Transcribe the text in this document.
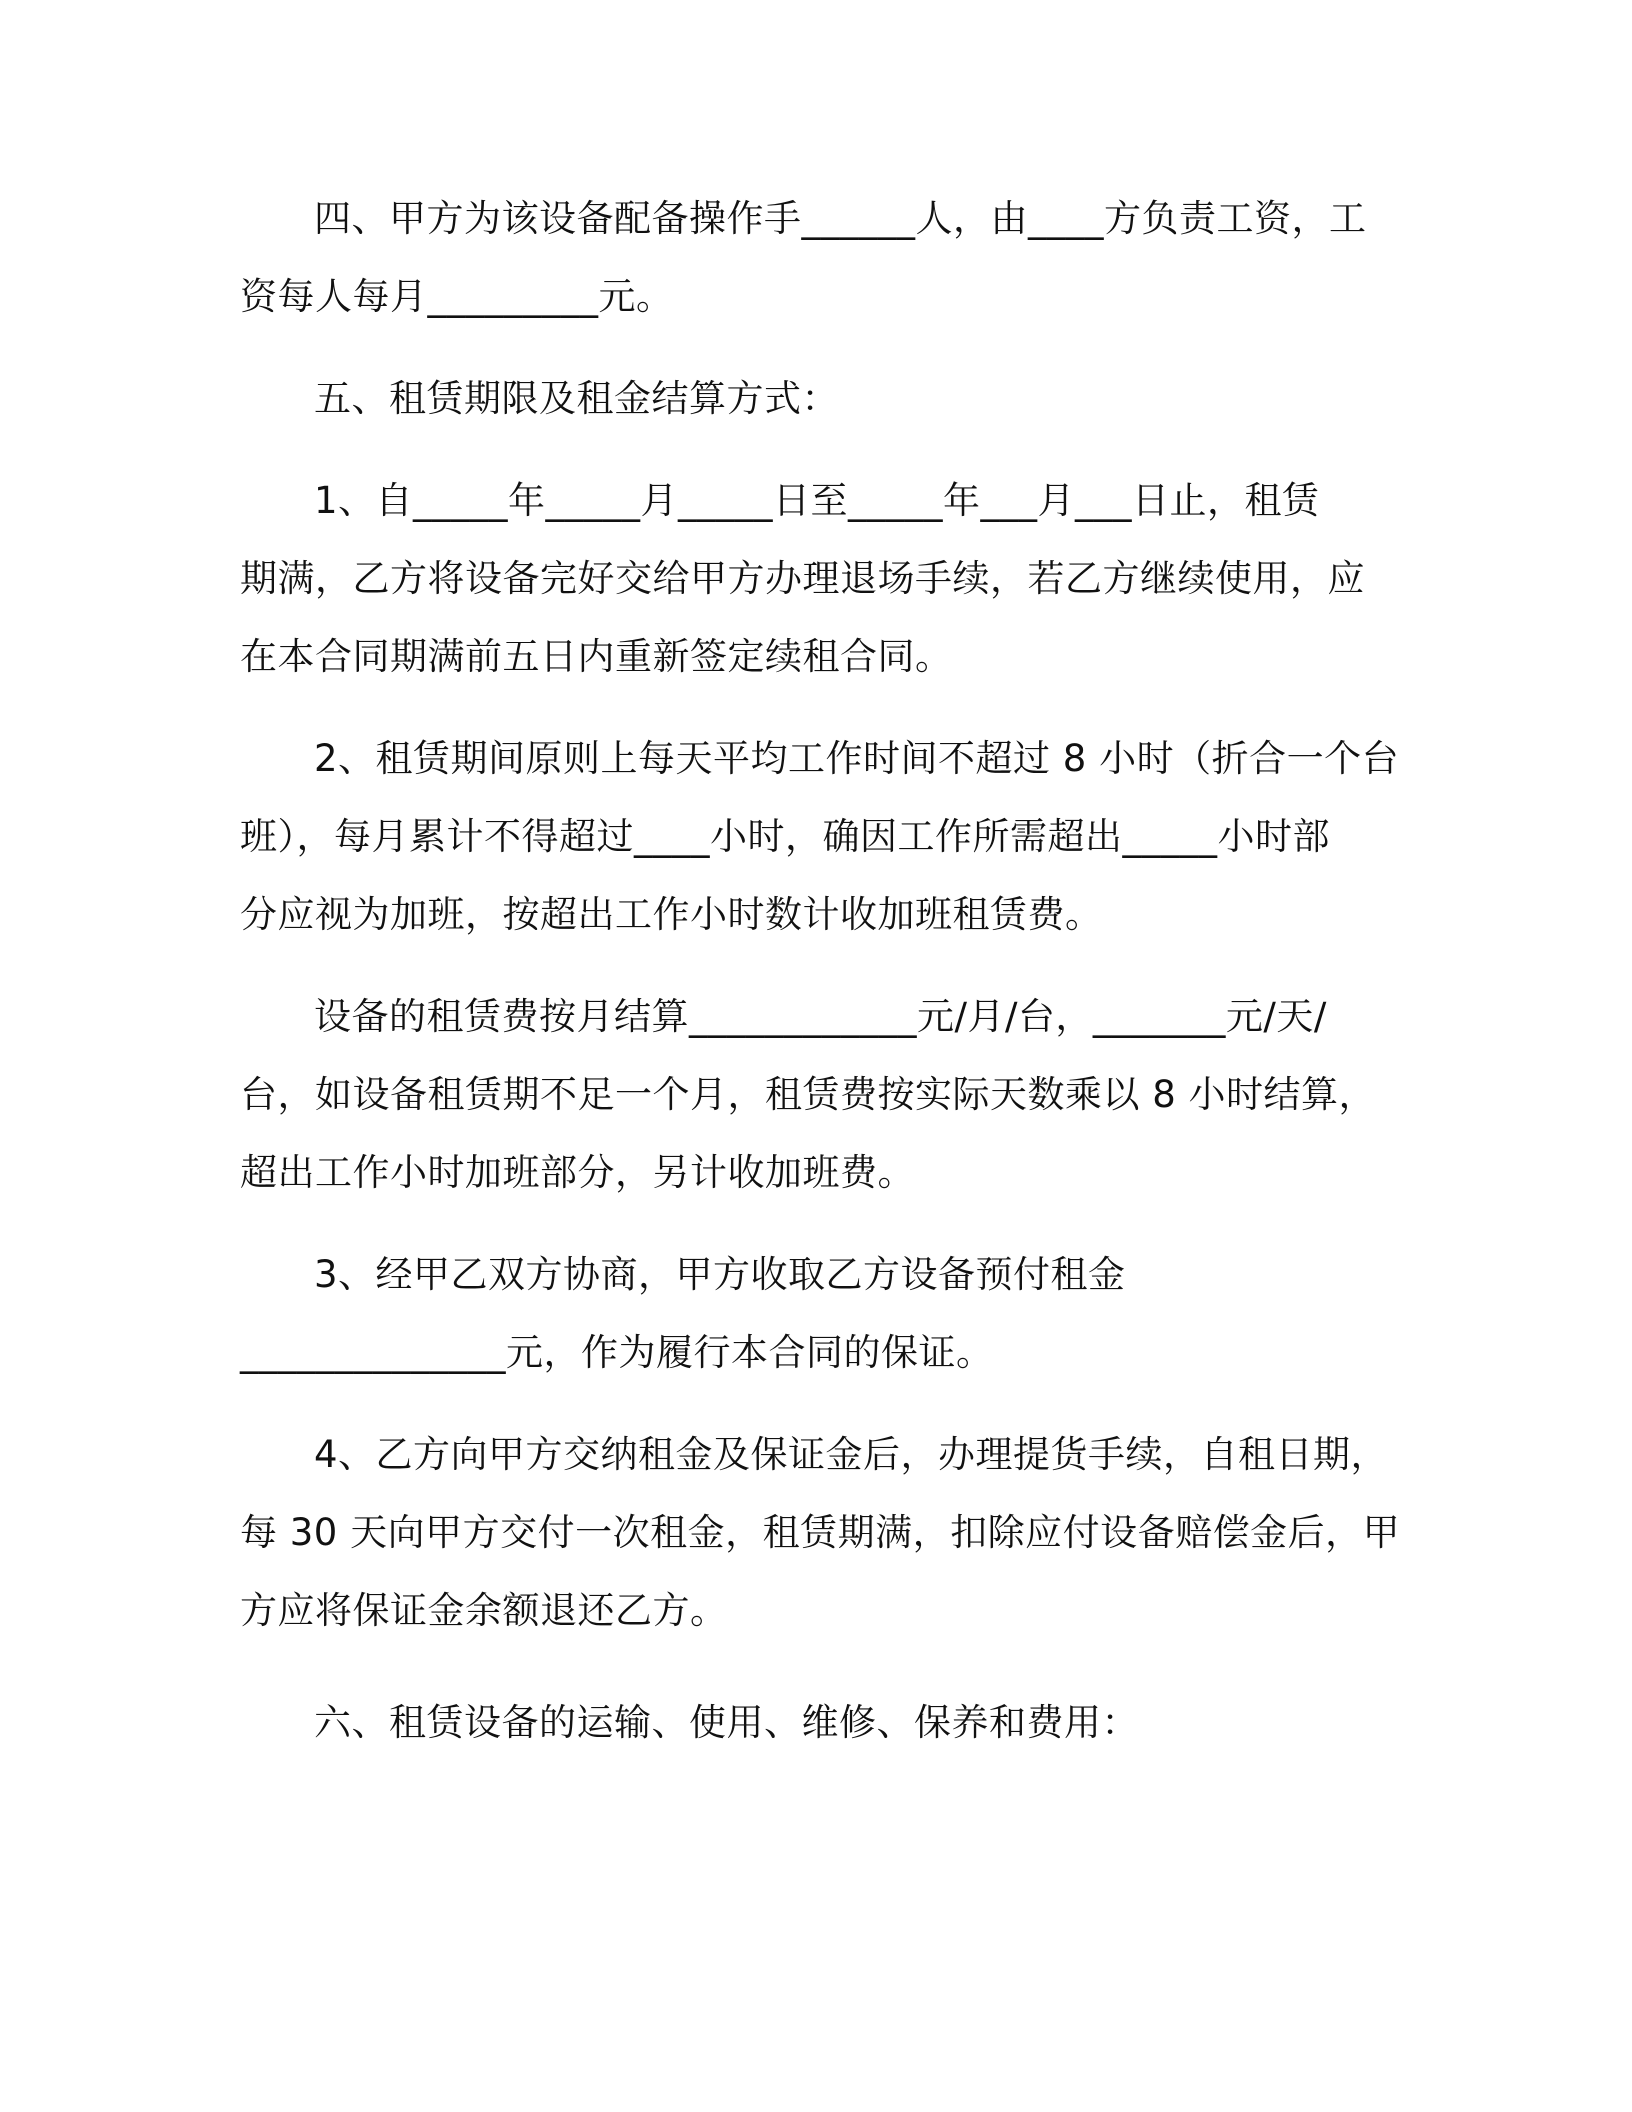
四、甲方为该设备配备操作手______人，由____方负责工资，工
资每人每月_________元。

五、租赁期限及租金结算方式：

1、自_____年_____月_____日至_____年___月___日止，租赁
期满，乙方将设备完好交给甲方办理退场手续，若乙方继续使用，应
在本合同期满前五日内重新签定续租合同。

2、租赁期间原则上每天平均工作时间不超过 8 小时（折合一个台
班），每月累计不得超过____小时，确因工作所需超出_____小时部
分应视为加班，按超出工作小时数计收加班租赁费。

设备的租赁费按月结算____________元/月/台，_______元/天/
台，如设备租赁期不足一个月，租赁费按实际天数乘以 8 小时结算，
超出工作小时加班部分，另计收加班费。

3、经甲乙双方协商，甲方收取乙方设备预付租金
______________元，作为履行本合同的保证。

4、乙方向甲方交纳租金及保证金后，办理提货手续，自租日期，
每 30 天向甲方交付一次租金，租赁期满，扣除应付设备赔偿金后，甲
方应将保证金余额退还乙方。

六、租赁设备的运输、使用、维修、保养和费用：
